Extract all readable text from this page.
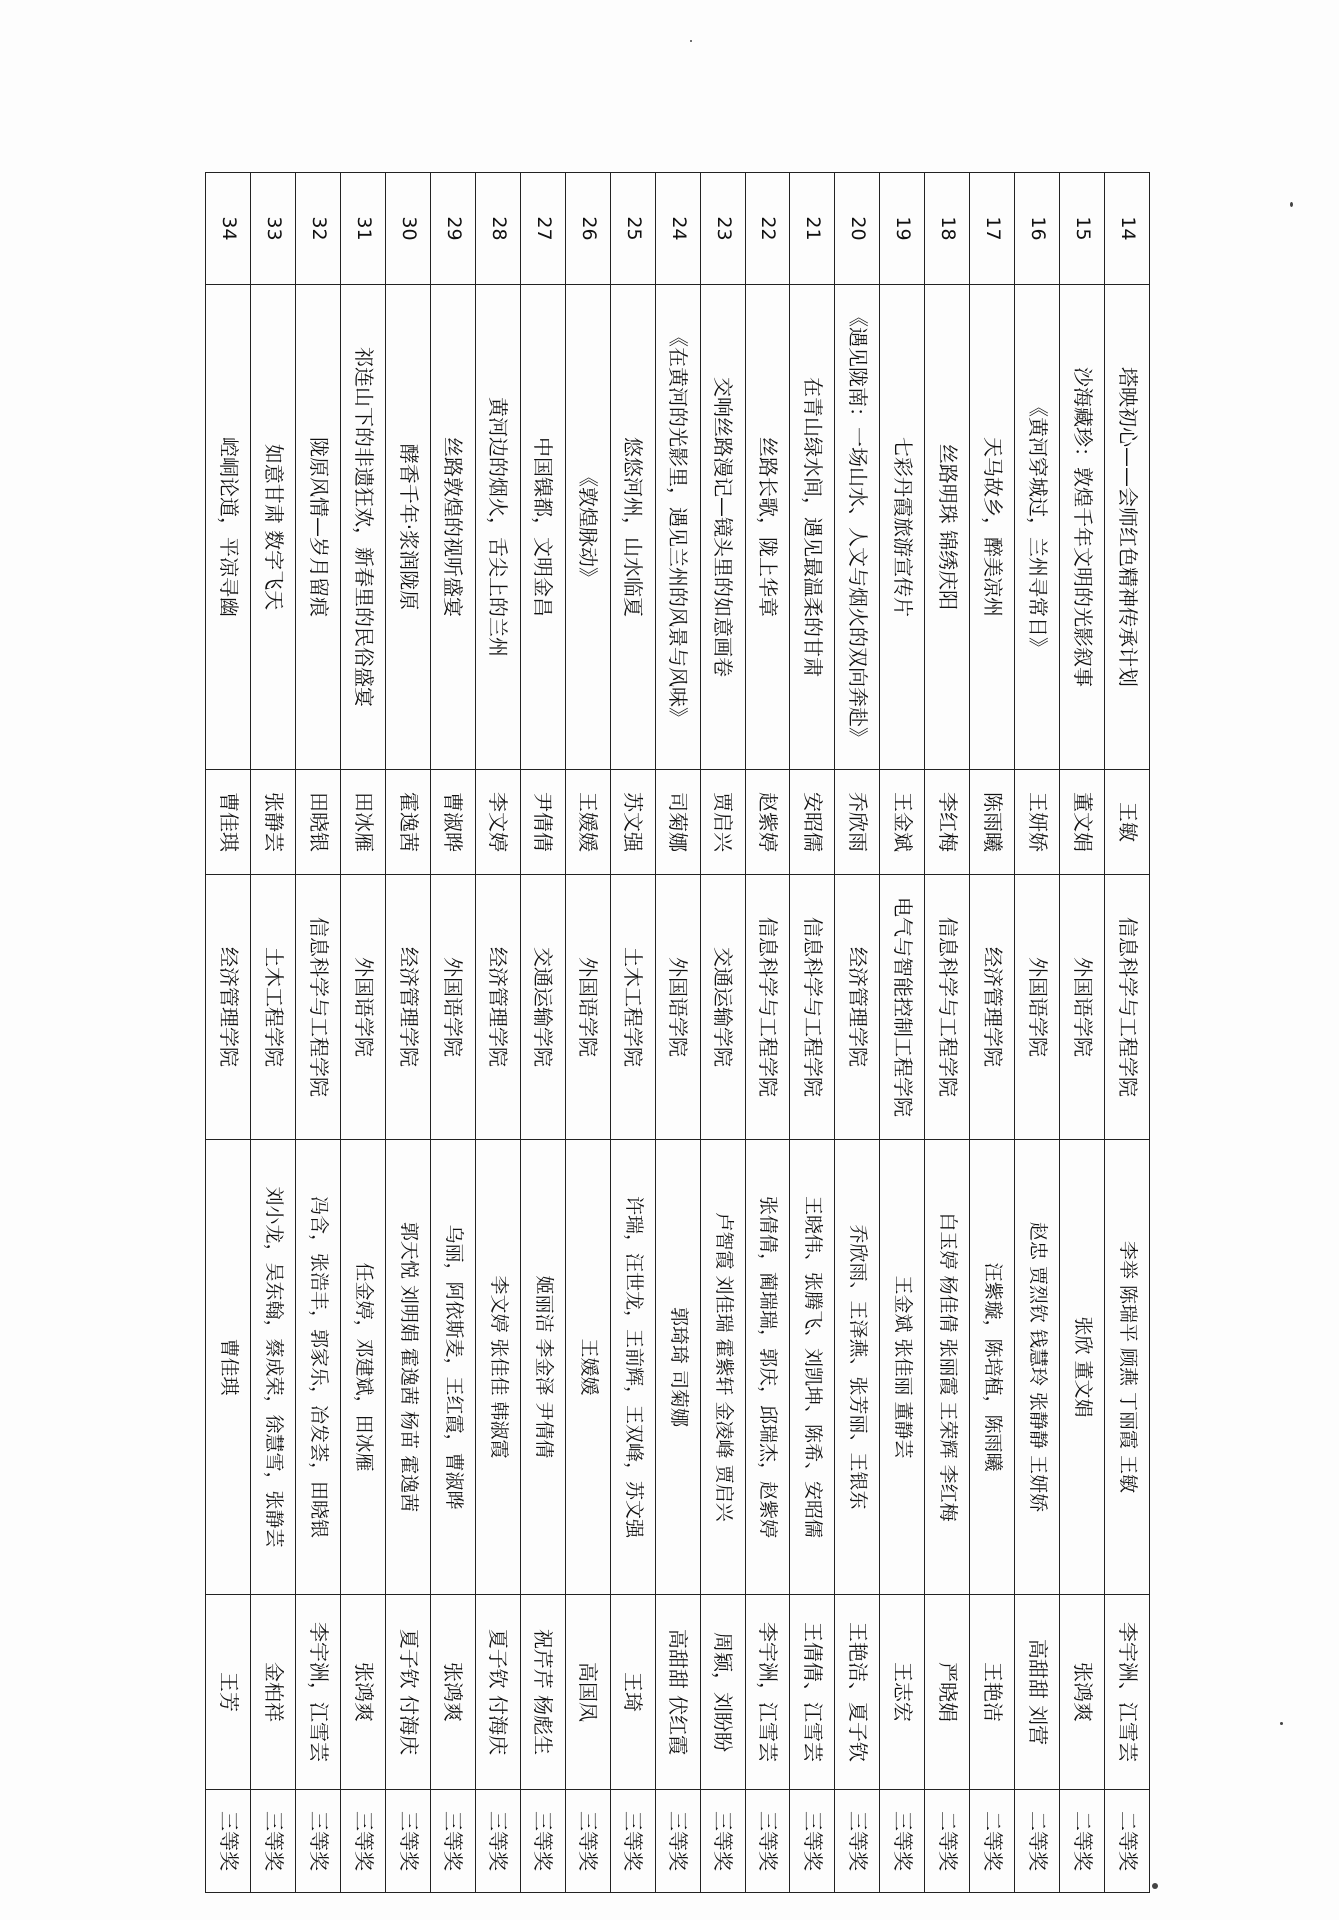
14	塔映初心——会师红色精神传承计划	王敏	信息科学与工程学院	李举 陈瑞平 顾燕 丁丽霞 王敏	李宇洲、江雪芸	二等奖
15	沙海藏珍：敦煌千年文明的光影叙事	董文娟	外国语学院	张欣 董文娟	张鸿爽	二等奖
16	《黄河穿城过，兰州寻常日》	王妍娇	外国语学院	赵忠 贾烈钦 钱慧玲 张静静 王妍娇	高甜甜 刘营	二等奖
17	天马故乡，醉美凉州	陈雨曦	经济管理学院	汪紫璇，陈培植，陈雨曦	王艳洁	二等奖
18	丝路明珠 锦绣庆阳	李红梅	信息科学与工程学院	白玉婷 杨佳倩 张丽霞 王荣辉 李红梅	严晓娟	二等奖
19	七彩丹霞旅游宣传片	王金斌	电气与智能控制工程学院	王金斌 张佳丽 董静芸	王志宏	三等奖
20	《遇见陇南：一场山水、人文与烟火的双向奔赴》	乔欣雨	经济管理学院	乔欣雨、王泽燕、张芳丽、王银东	王艳洁、夏子钦	三等奖
21	在青山绿水间，遇见最温柔的甘肃	安昭儒	信息科学与工程学院	王晓伟、张腾飞、刘凯坤、陈希、安昭儒	王倩倩、江雪芸	三等奖
22	丝路长歌，陇上华章	赵紫婷	信息科学与工程学院	张倩倩，蔺瑞瑞，郭庆，邱瑞杰，赵紫婷	李宇洲，江雪芸	三等奖
23	交响丝路漫记—镜头里的如意画卷	贾启兴	交通运输学院	卢智霞 刘佳瑞 霍紫轩 金凌峰 贾启兴	周颖，刘盼盼	三等奖
24	《在黄河的光影里，遇见兰州的风景与风味》	司菊娜	外国语学院	郭琦琦 司菊娜	高甜甜 伏红霞	三等奖
25	悠悠河州，山水临夏	苏文强	土木工程学院	许瑞，汪世龙，王前辉，王双峰，苏文强	王琦	三等奖
26	《敦煌脉动》	王媛媛	外国语学院	王媛媛	高国凤	三等奖
27	中国镍都，文明金昌	尹倩倩	交通运输学院	姬丽洁 李金泽 尹倩倩	祝芹芹 杨彪生	三等奖
28	黄河边的烟火，舌尖上的兰州	李文婷	经济管理学院	李文婷 张佳佳 韩淑霞	夏子钦 付海庆	三等奖
29	丝路敦煌的视听盛宴	曹淑晔	外国语学院	乌丽，阿依斯麦，王红霞，曹淑晔	张鸿爽	三等奖
30	酵香千年·浆润陇原	霍逸茜	经济管理学院	郭天悦 刘明娟 霍逸茜 杨苗 霍逸茜	夏子钦 付海庆	三等奖
31	祁连山下的非遗狂欢，新春里的民俗盛宴	田冰雁	外国语学院	任金婷，邓建斌，田冰雁	张鸿爽	三等奖
32	陇原风情—岁月留痕	田晓银	信息科学与工程学院	冯含，张浩丰，郭家乐，冶发荟，田晓银	李宇洲，江雪芸	三等奖
33	如意甘肃 数字飞天	张静芸	土木工程学院	刘小龙，吴东翰，蔡成荣，徐慧雪，张静芸	金柏祥	三等奖
34	崆峒论道，平凉寻幽	曹佳琪	经济管理学院	曹佳琪	王芳	三等奖
